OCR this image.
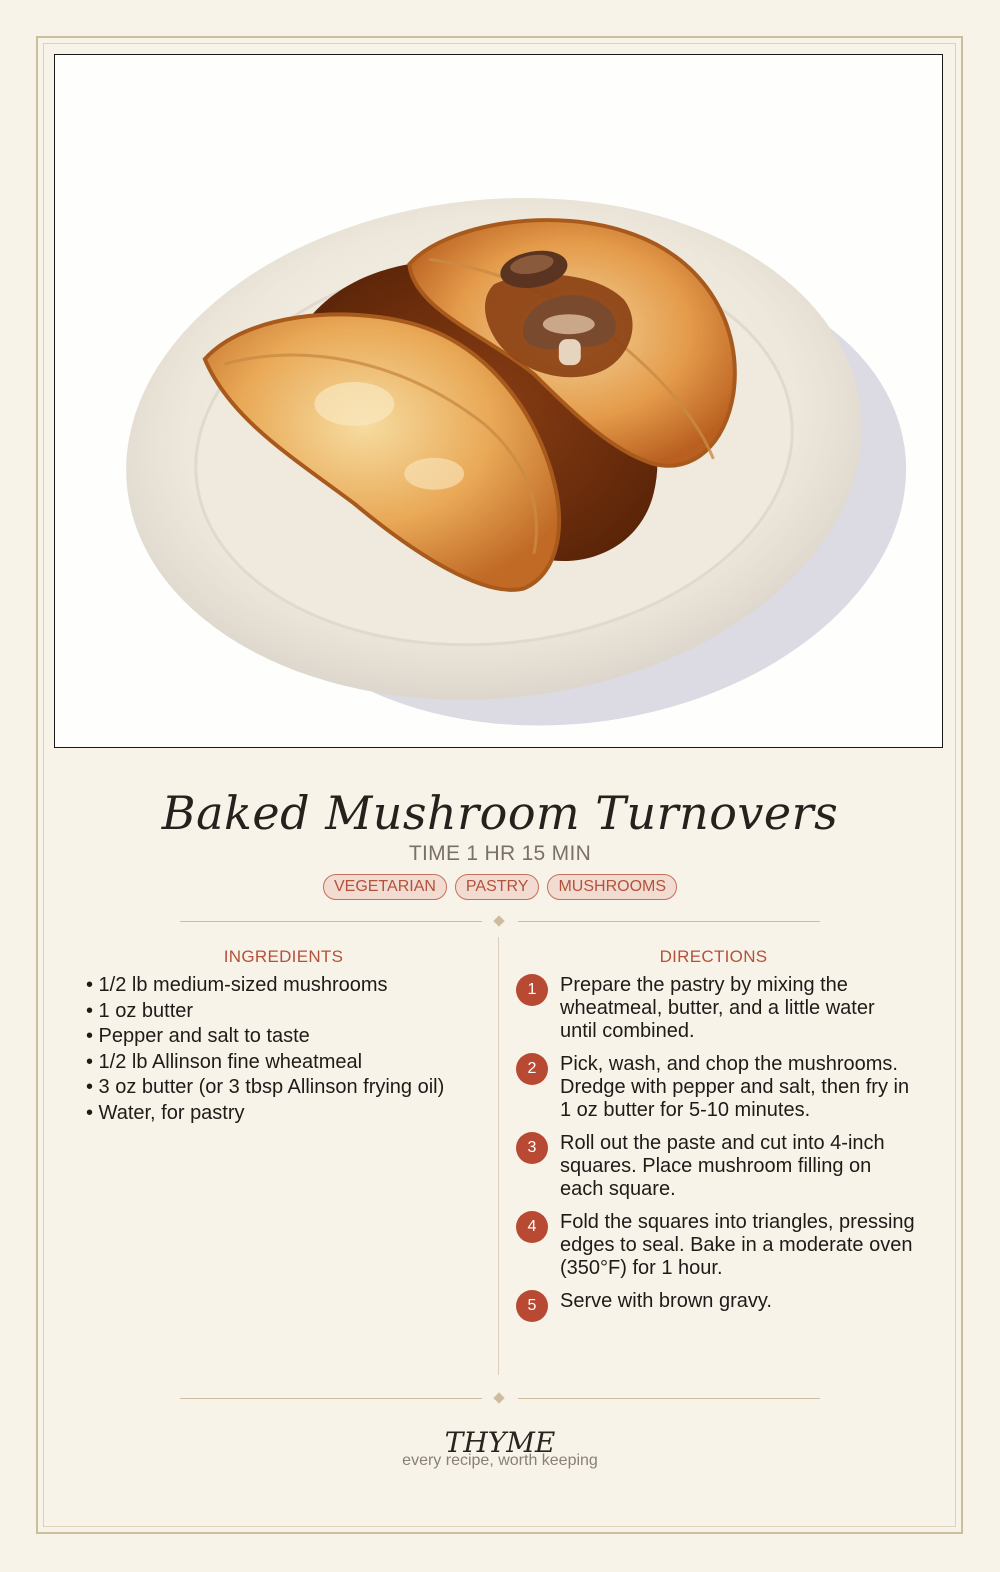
Baked Mushroom Turnovers
TIME 1 HR 15 MIN
VEGETARIAN	PASTRY	MUSHROOMS
INGREDIENTS
• 1/2 lb medium-sized mushrooms
• 1 oz butter
• Pepper and salt to taste
• 1/2 lb Allinson fine wheatmeal
• 3 oz butter (or 3 tbsp Allinson frying oil)
• Water, for pastry
DIRECTIONS
1	Prepare the pastry by mixing the wheatmeal, butter, and a little water until combined.
2	Pick, wash, and chop the mushrooms. Dredge with pepper and salt, then fry in 1 oz butter for 5-10 minutes.
3	Roll out the paste and cut into 4-inch squares. Place mushroom filling on each square.
4	Fold the squares into triangles, pressing edges to seal. Bake in a moderate oven (350°F) for 1 hour.
5	Serve with brown gravy.
THYME
every recipe, worth keeping
